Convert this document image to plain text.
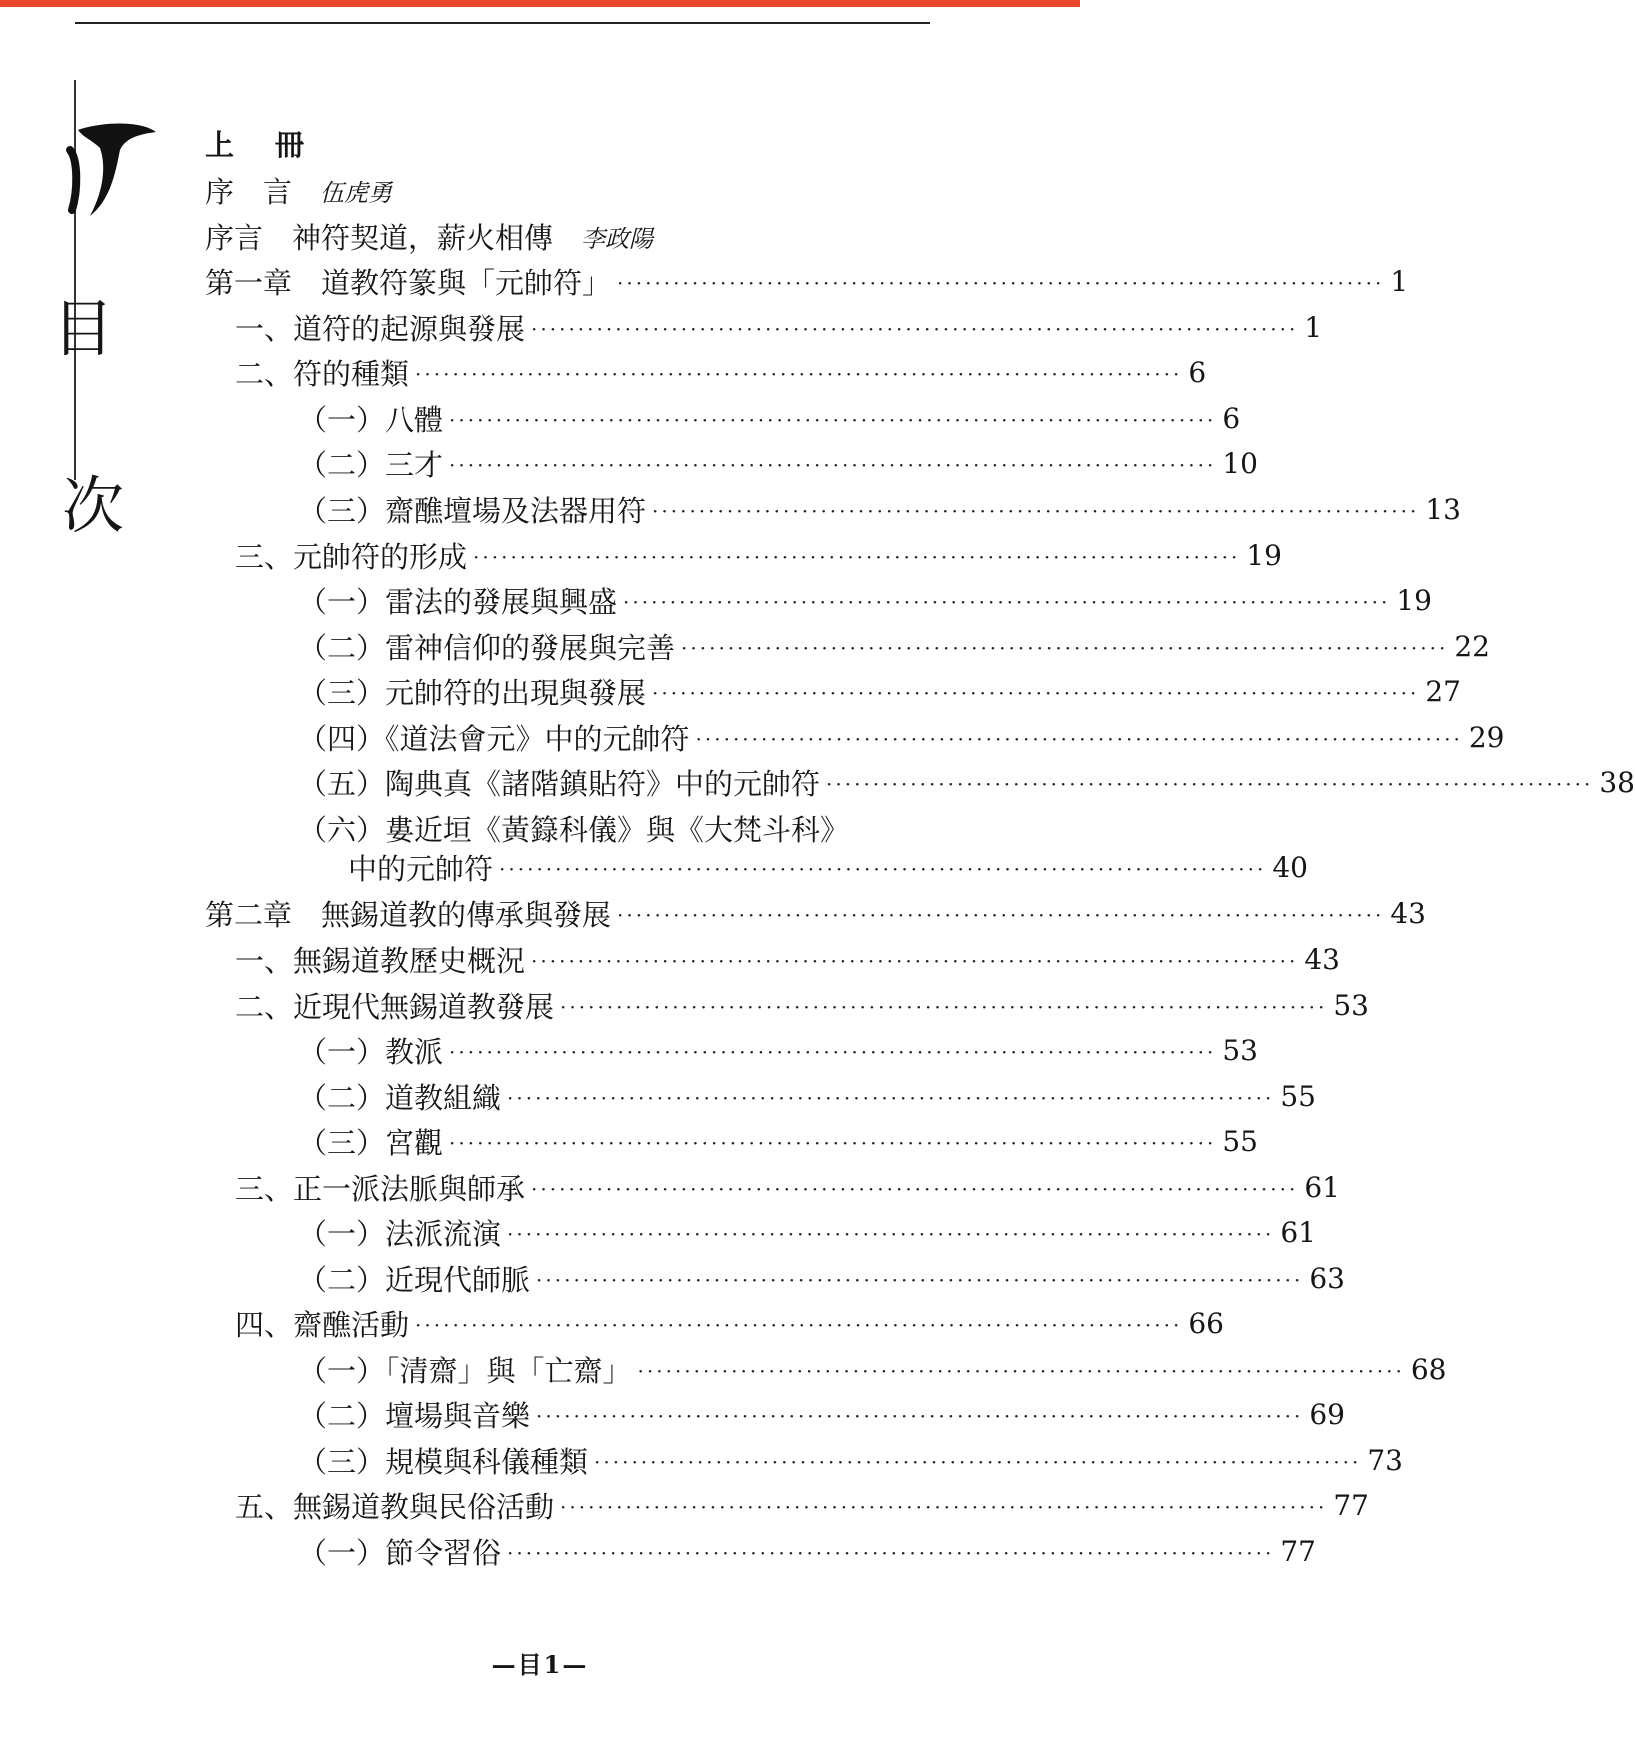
目
次
上　冊
序　言 伍虎勇
序言　神符契道，薪火相傳 李政陽
第一章　道教符篆與「元帥符」 ·················································································· 1
一、道符的起源與發展 ·················································································· 1
二、符的種類 ·················································································· 6
（一）八體 ·················································································· 6
（二）三才 ·················································································· 10
（三）齋醮壇場及法器用符 ·················································································· 13
三、元帥符的形成 ·················································································· 19
（一）雷法的發展與興盛 ·················································································· 19
（二）雷神信仰的發展與完善 ·················································································· 22
（三）元帥符的出現與發展 ·················································································· 27
（四）《道法會元》中的元帥符 ·················································································· 29
（五）陶典真《諸階鎮貼符》中的元帥符 ·················································································· 38
（六）婁近垣《黃籙科儀》與《大梵斗科》
中的元帥符 ·················································································· 40
第二章　無錫道教的傳承與發展 ·················································································· 43
一、無錫道教歷史概況 ·················································································· 43
二、近現代無錫道教發展 ·················································································· 53
（一）教派 ·················································································· 53
（二）道教組織 ·················································································· 55
（三）宮觀 ·················································································· 55
三、正一派法脈與師承 ·················································································· 61
（一）法派流演 ·················································································· 61
（二）近現代師脈 ·················································································· 63
四、齋醮活動 ·················································································· 66
（一）「清齋」與「亡齋」 ·················································································· 68
（二）壇場與音樂 ·················································································· 69
（三）規模與科儀種類 ·················································································· 73
五、無錫道教與民俗活動 ·················································································· 77
（一）節令習俗 ·················································································· 77
—目1—
